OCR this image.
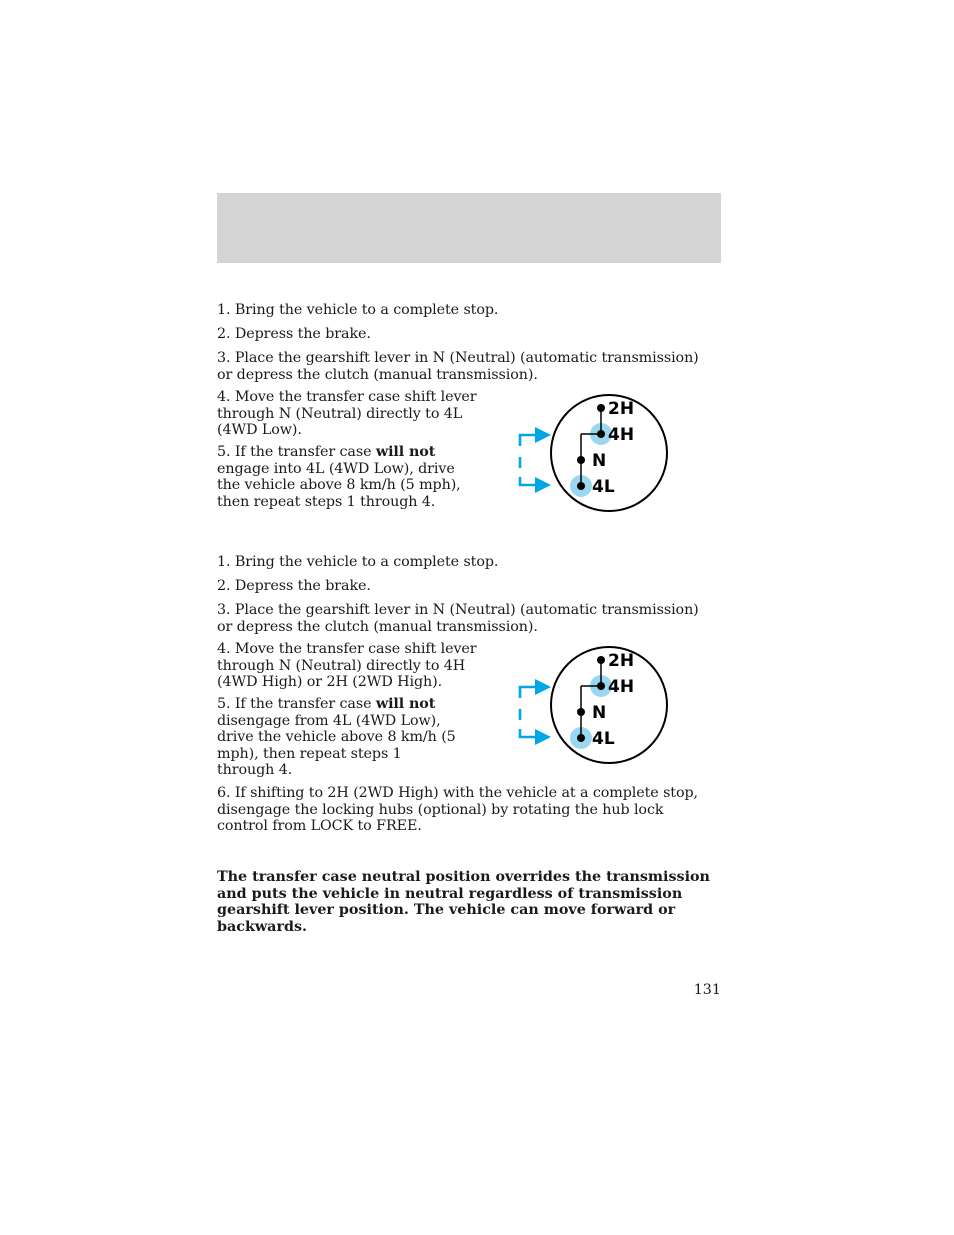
1. Bring the vehicle to a complete stop.

2. Depress the brake.

3. Place the gearshift lever in N (Neutral) (automatic transmission) or depress the clutch (manual transmission).

4. Move the transfer case shift lever through N (Neutral) directly to 4L (4WD Low).

5. If the transfer case will not engage into 4L (4WD Low), drive the vehicle above 8 km/h (5 mph), then repeat steps 1 through 4.

2H
4H
N
4L

1. Bring the vehicle to a complete stop.

2. Depress the brake.

3. Place the gearshift lever in N (Neutral) (automatic transmission) or depress the clutch (manual transmission).

4. Move the transfer case shift lever through N (Neutral) directly to 4H (4WD High) or 2H (2WD High).

5. If the transfer case will not disengage from 4L (4WD Low), drive the vehicle above 8 km/h (5 mph), then repeat steps 1 through 4.

6. If shifting to 2H (2WD High) with the vehicle at a complete stop, disengage the locking hubs (optional) by rotating the hub lock control from LOCK to FREE.

2H
4H
N
4L

The transfer case neutral position overrides the transmission and puts the vehicle in neutral regardless of transmission gearshift lever position. The vehicle can move forward or backwards.

131
